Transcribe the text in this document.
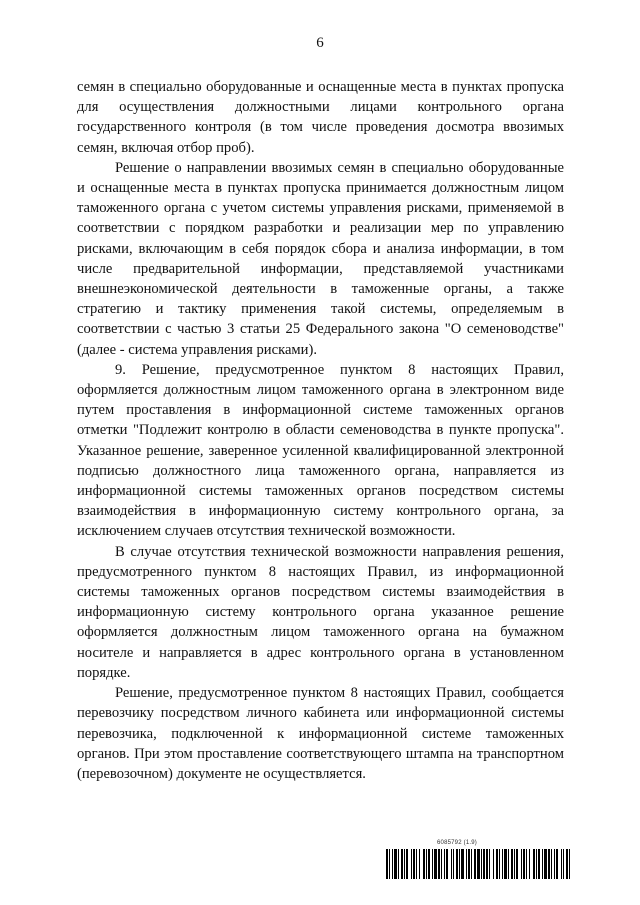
6

семян в специально оборудованные и оснащенные места в пунктах пропуска для осуществления должностными лицами контрольного органа государственного контроля (в том числе проведения досмотра ввозимых семян, включая отбор проб).

Решение о направлении ввозимых семян в специально оборудованные и оснащенные места в пунктах пропуска принимается должностным лицом таможенного органа с учетом системы управления рисками, применяемой в соответствии с порядком разработки и реализации мер по управлению рисками, включающим в себя порядок сбора и анализа информации, в том числе предварительной информации, представляемой участниками внешнеэкономической деятельности в таможенные органы, а также стратегию и тактику применения такой системы, определяемым в соответствии с частью 3 статьи 25 Федерального закона "О семеноводстве" (далее - система управления рисками).

9. Решение, предусмотренное пунктом 8 настоящих Правил, оформляется должностным лицом таможенного органа в электронном виде путем проставления в информационной системе таможенных органов отметки "Подлежит контролю в области семеноводства в пункте пропуска". Указанное решение, заверенное усиленной квалифицированной электронной подписью должностного лица таможенного органа, направляется из информационной системы таможенных органов посредством системы взаимодействия в информационную систему контрольного органа, за исключением случаев отсутствия технической возможности.

В случае отсутствия технической возможности направления решения, предусмотренного пунктом 8 настоящих Правил, из информационной системы таможенных органов посредством системы взаимодействия в информационную систему контрольного органа указанное решение оформляется должностным лицом таможенного органа на бумажном носителе и направляется в адрес контрольного органа в установленном порядке.

Решение, предусмотренное пунктом 8 настоящих Правил, сообщается перевозчику посредством личного кабинета или информационной системы перевозчика, подключенной к информационной системе таможенных органов. При этом проставление соответствующего штампа на транспортном (перевозочном) документе не осуществляется.

6085792 (1.9)
